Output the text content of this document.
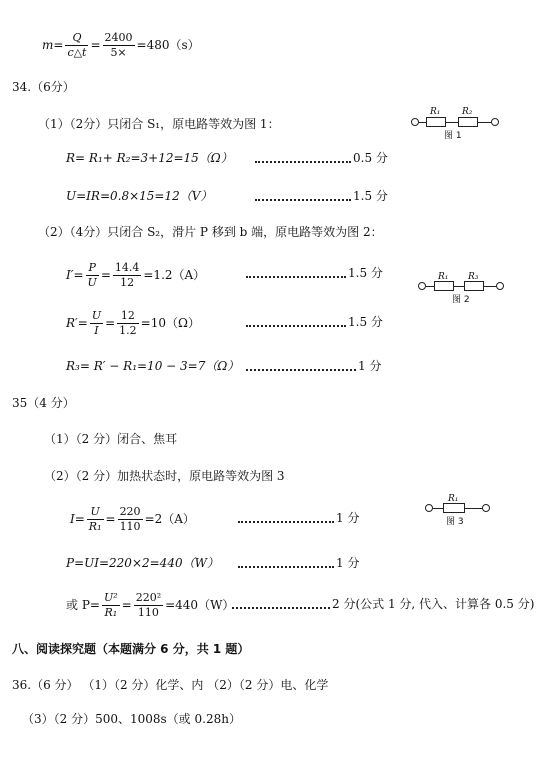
$m= \frac{Q}{c\triangle t} = \frac{2400}{5\times} =480(s)$
34.（6分）
（1）（2分）只闭合 S₁，原电路等效为图 1：
R₁ R₂
图 1
R= R₁+ R₂=3+12=15（Ω）	0.5 分
U=IR=0.8×15=12（V）	1.5 分
（2）（4分）只闭合 S₂，滑片 P 移到 b 端，原电路等效为图 2：
$I'= \frac{P}{U} = \frac{14.4}{12} =1.2(A)$	1.5 分	R₁ R₃
图 2
$R'= \frac{U}{I} = \frac{12}{1.2} =10(\Omega)$	1.5 分
R₃= R′ − R₁=10 − 3=7（Ω）	1 分
35（4 分）
（1）（2 分）闭合、焦耳
（2）（2 分）加热状态时，原电路等效为图 3
R₁
图 3
$I= \frac{U}{\text{R₁}} = \frac{220}{110} =2(A)$	1 分
P=UI=220×2=440（W）	1 分
或 $P= \frac{\text{U²}}{\text{R₁}} = \frac{\text{220²}}{110} =440(W)$	2 分(公式 1 分, 代入、计算各 0.5 分)
八、阅读探究题（本题满分 6 分，共 1 题）
36.（6 分） （1）（2 分）化学、内 （2）（2 分）电、化学
（3）（2 分）500、1008s（或 0.28h）
